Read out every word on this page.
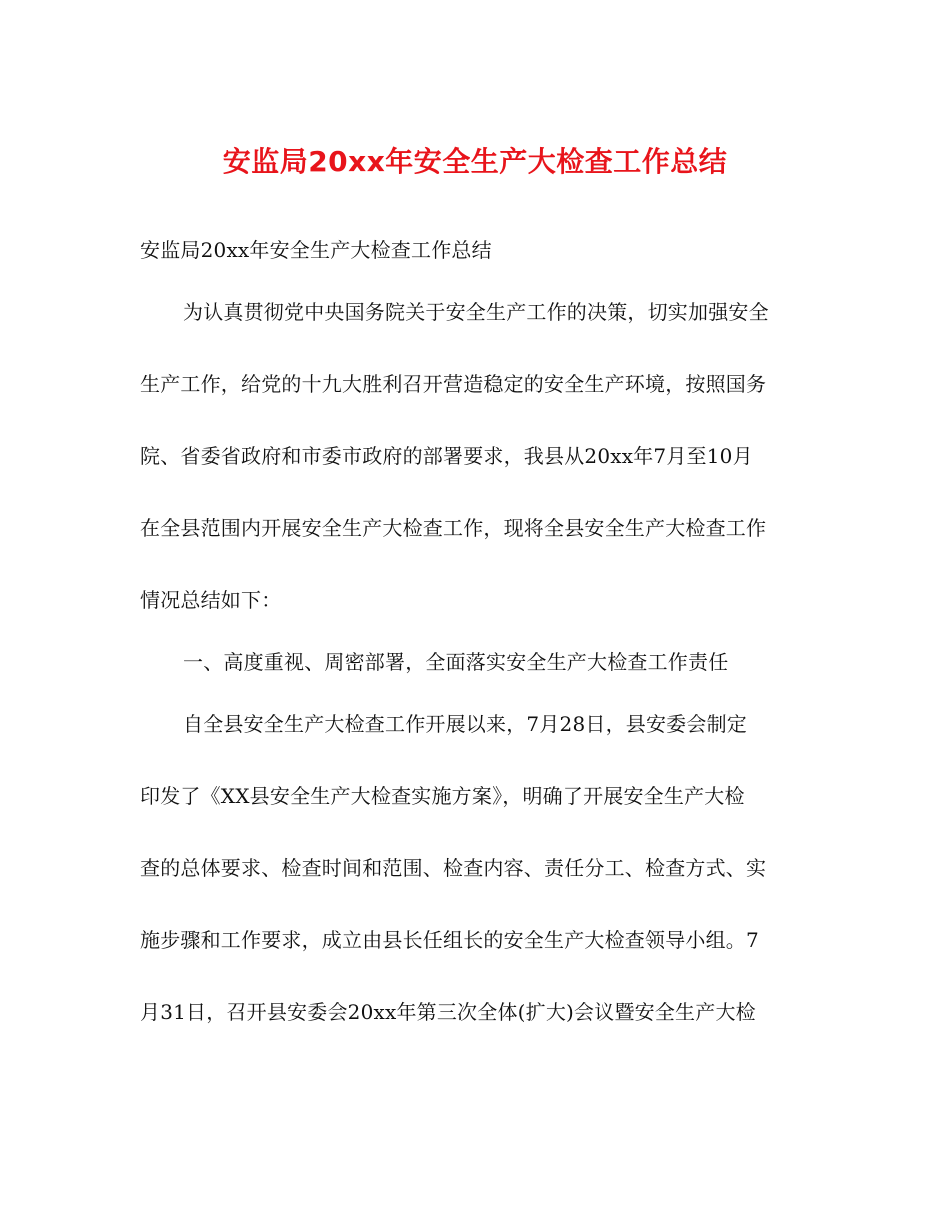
安监局20xx年安全生产大检查工作总结
安监局20xx年安全生产大检查工作总结
为认真贯彻党中央国务院关于安全生产工作的决策，切实加强安全
生产工作，给党的十九大胜利召开营造稳定的安全生产环境，按照国务
院、省委省政府和市委市政府的部署要求，我县从20xx年7月至10月
在全县范围内开展安全生产大检查工作，现将全县安全生产大检查工作
情况总结如下：
一、高度重视、周密部署，全面落实安全生产大检查工作责任
自全县安全生产大检查工作开展以来，7月28日，县安委会制定
印发了《XX县安全生产大检查实施方案》，明确了开展安全生产大检
查的总体要求、检查时间和范围、检查内容、责任分工、检查方式、实
施步骤和工作要求，成立由县长任组长的安全生产大检查领导小组。7
月31日，召开县安委会20xx年第三次全体(扩大)会议暨安全生产大检
